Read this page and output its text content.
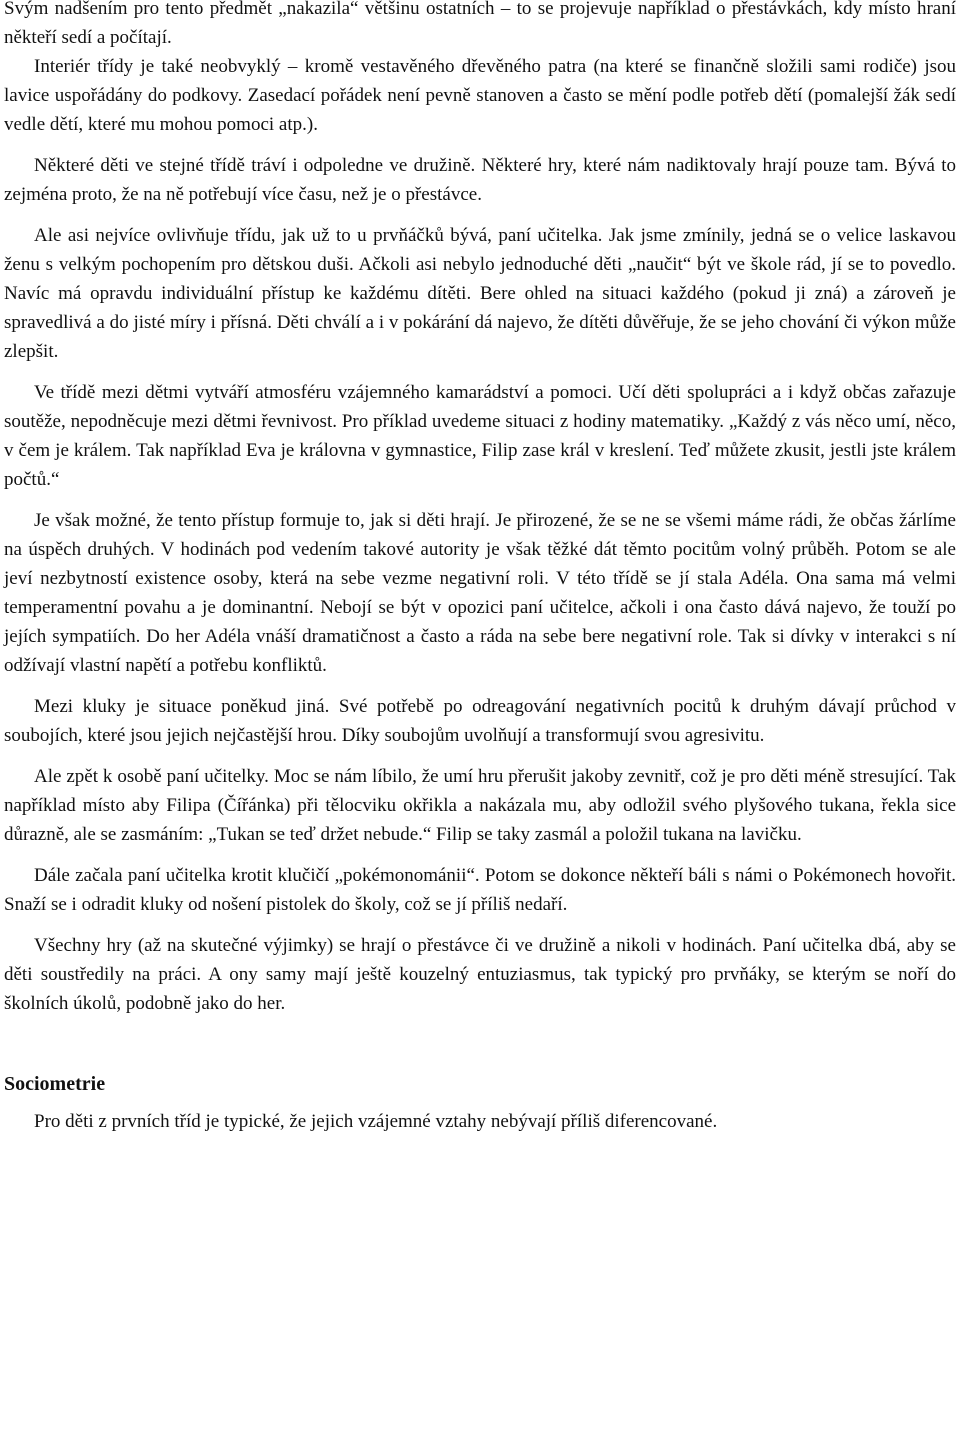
Svým nadšením pro tento předmět „nakazila“ většinu ostatních – to se projevuje například o přestávkách, kdy místo hraní někteří sedí a počítají.

Interiér třídy je také neobvyklý – kromě vestavěného dřevěného patra (na které se finančně složili sami rodiče) jsou lavice uspořádány do podkovy. Zasedací pořádek není pevně stanoven a často se mění podle potřeb dětí (pomalejší žák sedí vedle dětí, které mu mohou pomoci atp.).

Některé děti ve stejné třídě tráví i odpoledne ve družině. Některé hry, které nám nadiktovaly hrají pouze tam. Bývá to zejména proto, že na ně potřebují více času, než je o přestávce.

Ale asi nejvíce ovlivňuje třídu, jak už to u prvňáčků bývá, paní učitelka. Jak jsme zmínily, jedná se o velice laskavou ženu s velkým pochopením pro dětskou duši. Ačkoli asi nebylo jednoduché děti „naučit“ být ve škole rád, jí se to povedlo. Navíc má opravdu individuální přístup ke každému dítěti. Bere ohled na situaci každého (pokud ji zná) a zároveň je spravedlivá a do jisté míry i přísná. Děti chválí a i v pokárání dá najevo, že dítěti důvěřuje, že se jeho chování či výkon může zlepšit.

Ve třídě mezi dětmi vytváří atmosféru vzájemného kamarádství a pomoci. Učí děti spolupráci a i když občas zařazuje soutěže, nepodněcuje mezi dětmi řevnivost. Pro příklad uvedeme situaci z hodiny matematiky. „Každý z vás něco umí, něco, v čem je králem. Tak například Eva je královna v gymnastice, Filip zase král v kreslení. Teď můžete zkusit, jestli jste králem počtů.“

Je však možné, že tento přístup formuje to, jak si děti hrají. Je přirozené, že se ne se všemi máme rádi, že občas žárlíme na úspěch druhých. V hodinách pod vedením takové autority je však těžké dát těmto pocitům volný průběh. Potom se ale jeví nezbytností existence osoby, která na sebe vezme negativní roli. V této třídě se jí stala Adéla. Ona sama má velmi temperamentní povahu a je dominantní. Nebojí se být v opozici paní učitelce, ačkoli i ona často dává najevo, že touží po jejích sympatiích. Do her Adéla vnáší dramatičnost a často a ráda na sebe bere negativní role. Tak si dívky v interakci s ní odžívají vlastní napětí a potřebu konfliktů.

Mezi kluky je situace poněkud jiná. Své potřebě po odreagování negativních pocitů k druhým dávají průchod v soubojích, které jsou jejich nejčastější hrou. Díky soubojům uvolňují a transformují svou agresivitu.

Ale zpět k osobě paní učitelky. Moc se nám líbilo, že umí hru přerušit jakoby zevnitř, což je pro děti méně stresující. Tak například místo aby Filipa (Čířánka) při tělocviku okřikla a nakázala mu, aby odložil svého plyšového tukana, řekla sice důrazně, ale se zasmáním: „Tukan se teď držet nebude.“ Filip se taky zasmál a položil tukana na lavičku.

Dále začala paní učitelka krotit klučičí „pokémonománii“. Potom se dokonce někteří báli s námi o Pokémonech hovořit. Snaží se i odradit kluky od nošení pistolek do školy, což se jí příliš nedaří.

Všechny hry (až na skutečné výjimky) se hrají o přestávce či ve družině a nikoli v hodinách. Paní učitelka dbá, aby se děti soustředily na práci. A ony samy mají ještě kouzelný entuziasmus, tak typický pro prvňáky, se kterým se noří do školních úkolů, podobně jako do her.

Sociometrie

Pro děti z prvních tříd je typické, že jejich vzájemné vztahy nebývají příliš diferencované.
